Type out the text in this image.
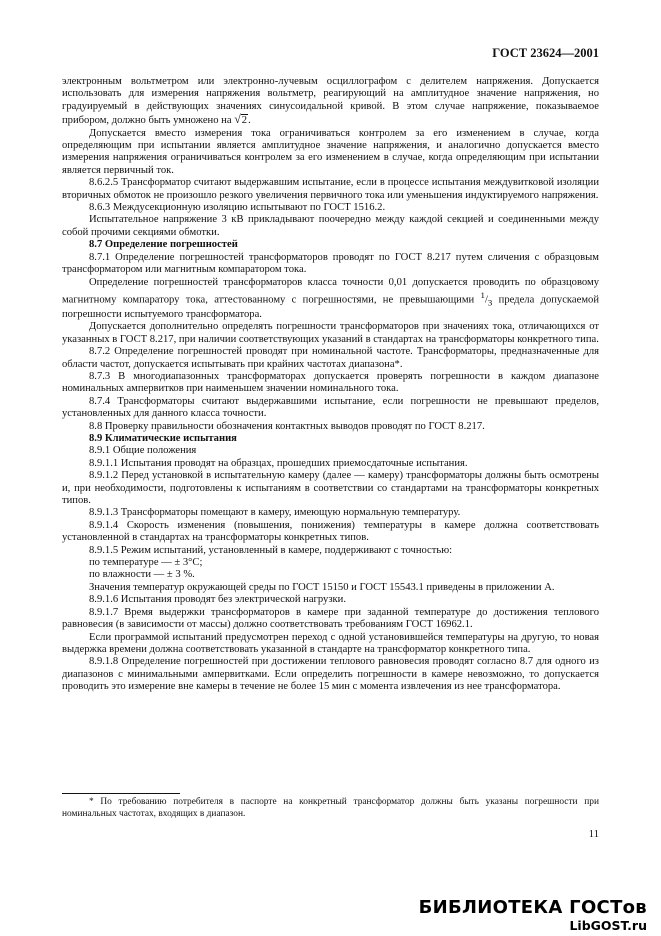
ГОСТ 23624—2001

электронным вольтметром или электронно-лучевым осциллографом с делителем напряжения. Допускается использовать для измерения напряжения вольтметр, реагирующий на амплитудное значение напряжения, но градуируемый в действующих значениях синусоидальной кривой. В этом случае напряжение, показываемое прибором, должно быть умножено на √2.

Допускается вместо измерения тока ограничиваться контролем за его изменением в случае, когда определяющим при испытании является амплитудное значение напряжения, и аналогично допускается вместо измерения напряжения ограничиваться контролем за его изменением в случае, когда определяющим при испытании является первичный ток.

8.6.2.5 Трансформатор считают выдержавшим испытание, если в процессе испытания междувитковой изоляции вторичных обмоток не произошло резкого увеличения первичного тока или уменьшения индуктируемого напряжения.

8.6.3 Междусекционную изоляцию испытывают по ГОСТ 1516.2.

Испытательное напряжение 3 кВ прикладывают поочередно между каждой секцией и соединенными между собой прочими секциями обмотки.

8.7 Определение погрешностей

8.7.1 Определение погрешностей трансформаторов проводят по ГОСТ 8.217 путем сличения с образцовым трансформатором или магнитным компаратором тока.

Определение погрешностей трансформаторов класса точности 0,01 допускается проводить по образцовому магнитному компаратору тока, аттестованному с погрешностями, не превышающими $^1/_3$ предела допускаемой погрешности испытуемого трансформатора.

Допускается дополнительно определять погрешности трансформаторов при значениях тока, отличающихся от указанных в ГОСТ 8.217, при наличии соответствующих указаний в стандартах на трансформаторы конкретного типа.

8.7.2 Определение погрешностей проводят при номинальной частоте. Трансформаторы, предназначенные для области частот, допускается испытывать при крайних частотах диапазона*.

8.7.3 В многодиапазонных трансформаторах допускается проверять погрешности в каждом диапазоне номинальных ампервитков при наименьшем значении номинального тока.

8.7.4 Трансформаторы считают выдержавшими испытание, если погрешности не превышают пределов, установленных для данного класса точности.

8.8 Проверку правильности обозначения контактных выводов проводят по ГОСТ 8.217.

8.9 Климатические испытания

8.9.1 Общие положения

8.9.1.1 Испытания проводят на образцах, прошедших приемосдаточные испытания.

8.9.1.2 Перед установкой в испытательную камеру (далее — камеру) трансформаторы должны быть осмотрены и, при необходимости, подготовлены к испытаниям в соответствии со стандартами на трансформаторы конкретных типов.

8.9.1.3 Трансформаторы помещают в камеру, имеющую нормальную температуру.

8.9.1.4 Скорость изменения (повышения, понижения) температуры в камере должна соответствовать установленной в стандартах на трансформаторы конкретных типов.

8.9.1.5 Режим испытаний, установленный в камере, поддерживают с точностью:

по температуре — ± 3°С;

по влажности — ± 3 %.

Значения температур окружающей среды по ГОСТ 15150 и ГОСТ 15543.1 приведены в приложении А.

8.9.1.6 Испытания проводят без электрической нагрузки.

8.9.1.7 Время выдержки трансформаторов в камере при заданной температуре до достижения теплового равновесия (в зависимости от массы) должно соответствовать требованиям ГОСТ 16962.1.

Если программой испытаний предусмотрен переход с одной установившейся температуры на другую, то новая выдержка времени должна соответствовать указанной в стандарте на трансформатор конкретного типа.

8.9.1.8 Определение погрешностей при достижении теплового равновесия проводят согласно 8.7 для одного из диапазонов с минимальными ампервитками. Если определить погрешности в камере невозможно, то допускается проводить это измерение вне камеры в течение не более 15 мин с момента извлечения из нее трансформатора.

* По требованию потребителя в паспорте на конкретный трансформатор должны быть указаны погрешности при номинальных частотах, входящих в диапазон.
11
БИБЛИОТЕКА ГОСТов
LibGOST.ru
